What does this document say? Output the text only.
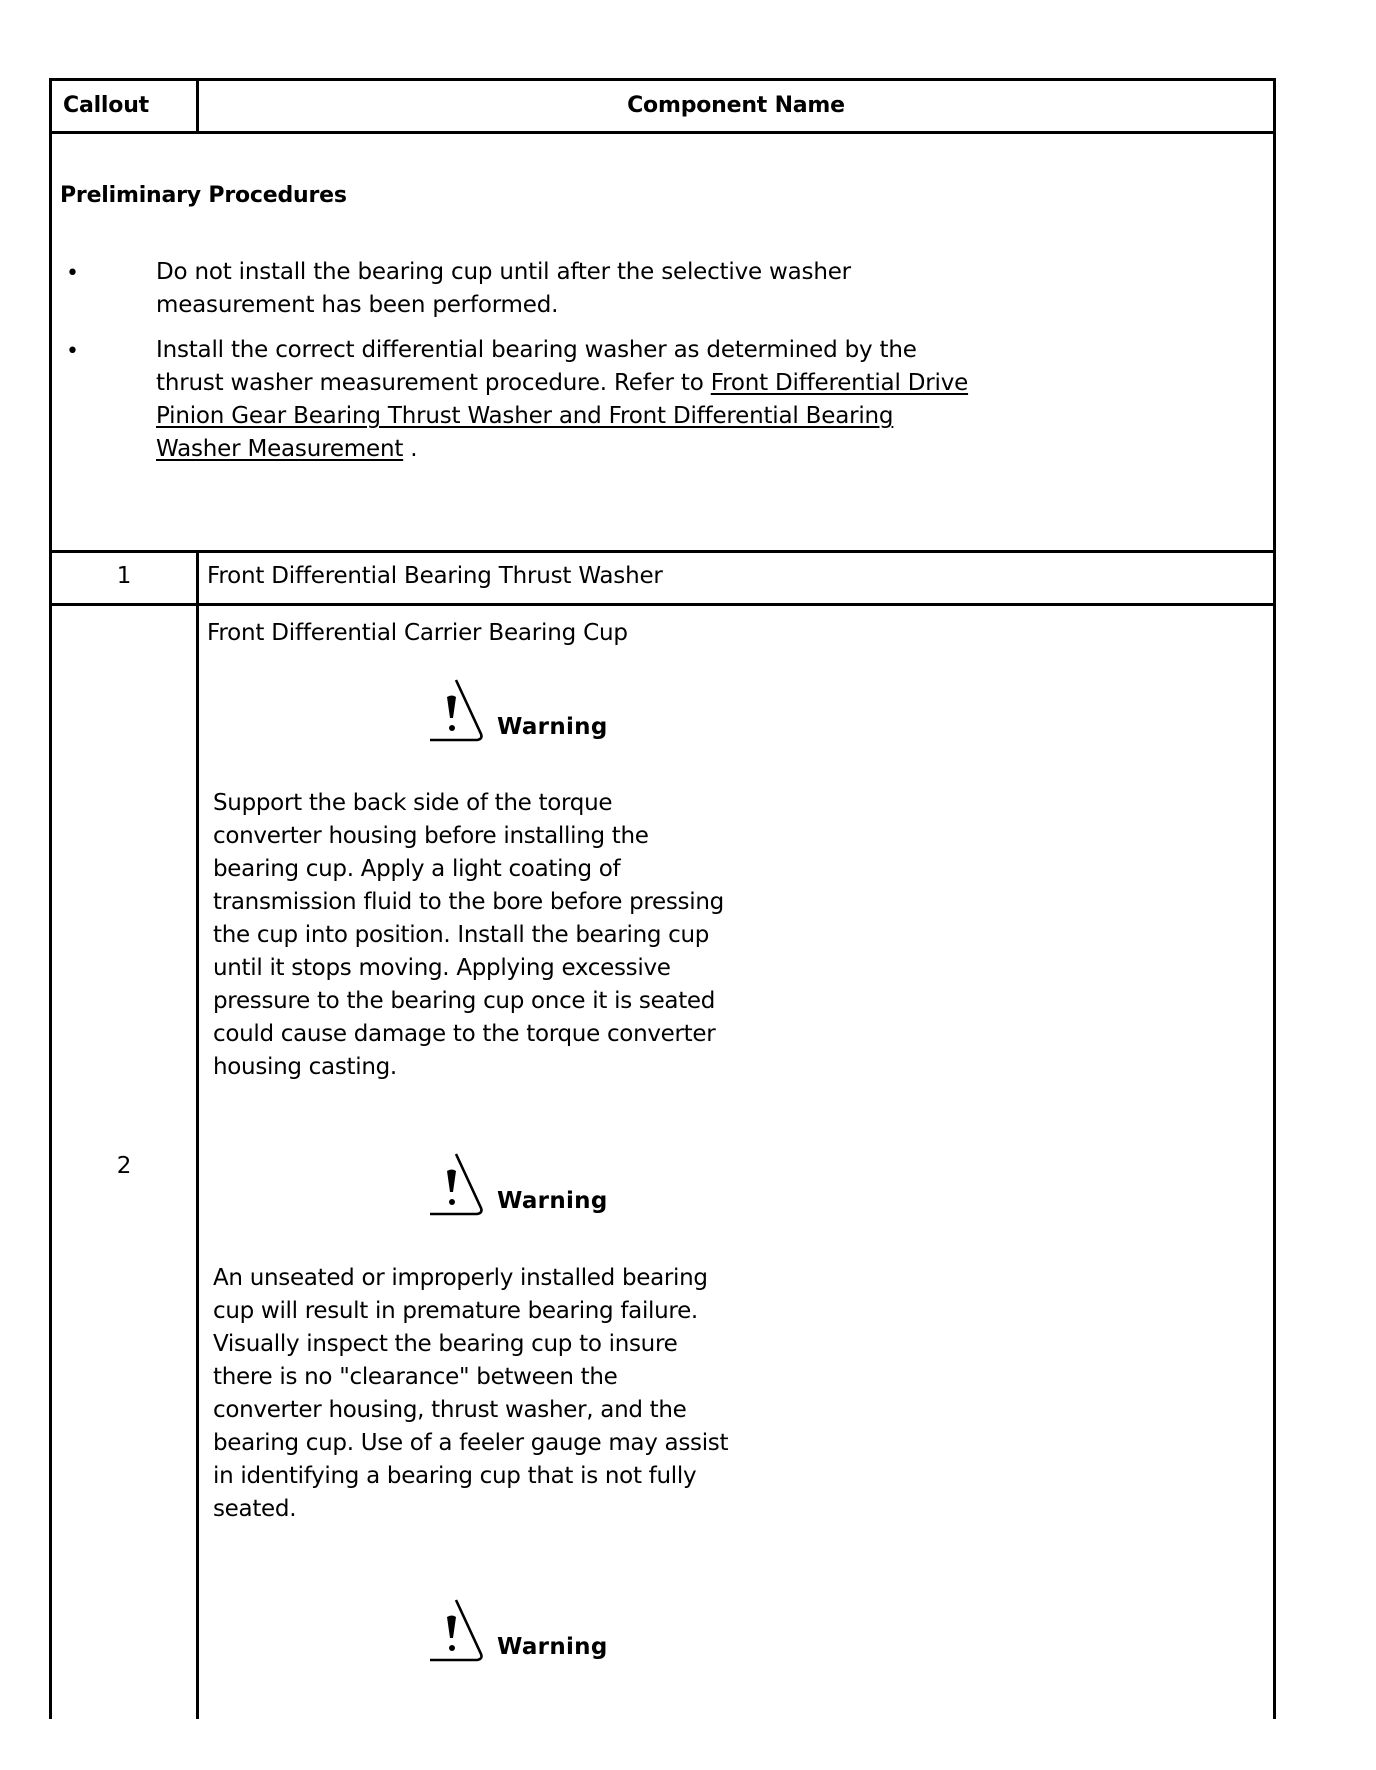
Callout	Component Name
Preliminary Procedures
•	Do not install the bearing cup until after the selective washer
measurement has been performed.
•	Install the correct differential bearing washer as determined by the
thrust washer measurement procedure. Refer to Front Differential Drive
Pinion Gear Bearing Thrust Washer and Front Differential Bearing
Washer Measurement .
1	Front Differential Bearing Thrust Washer
2
Front Differential Carrier Bearing Cup
Warning
Support the back side of the torque
converter housing before installing the
bearing cup. Apply a light coating of
transmission fluid to the bore before pressing
the cup into position. Install the bearing cup
until it stops moving. Applying excessive
pressure to the bearing cup once it is seated
could cause damage to the torque converter
housing casting.
Warning
An unseated or improperly installed bearing
cup will result in premature bearing failure.
Visually inspect the bearing cup to insure
there is no "clearance" between the
converter housing, thrust washer, and the
bearing cup. Use of a feeler gauge may assist
in identifying a bearing cup that is not fully
seated.
Warning
